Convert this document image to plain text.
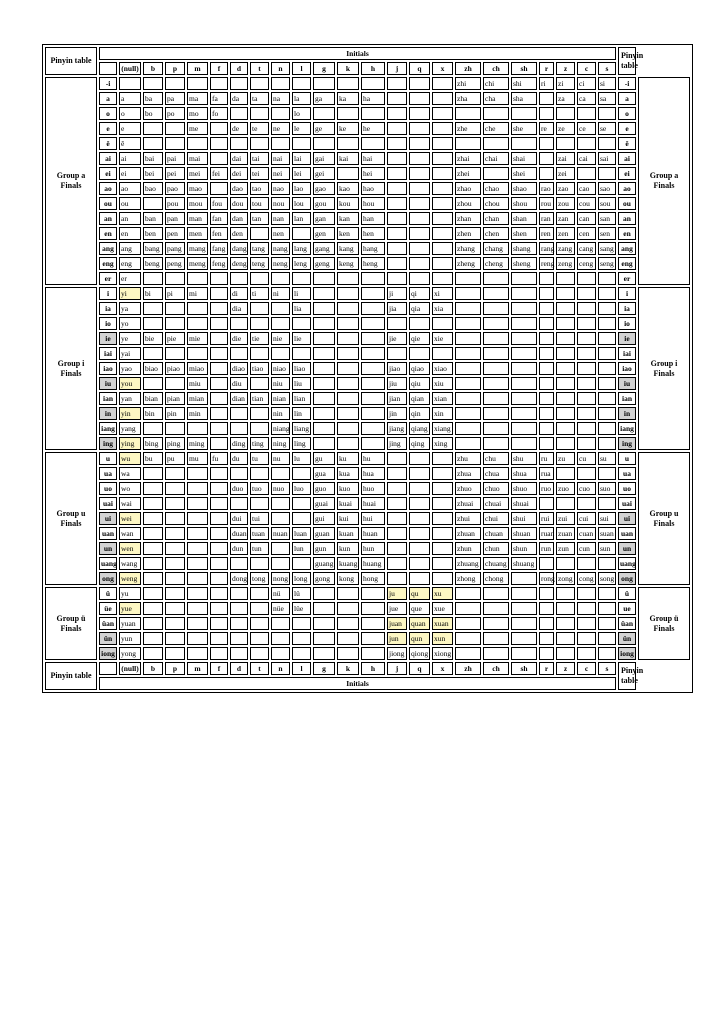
Pinyin table	Initials																							Pinyin table	
		(null)	b	p	m	f	d	t	n	l	g	k	h	j	q	x	zh	ch	sh	r	z	c	s		
Group a Finals	-i																zhi	chi	shi	ri	zi	ci	si	-i	Group a Finals
	a	a	ba	pa	ma	fa	da	ta	na	la	ga	ka	ha				zha	cha	sha		za	ca	sa	a	
	o	o	bo	po	mo	fo				lo														o	
	e	e			me		de	te	ne	le	ge	ke	he				zhe	che	she	re	ze	ce	se	e	
	ê	ê																						ê	
	ai	ai	bai	pai	mai		dai	tai	nai	lai	gai	kai	hai				zhai	chai	shai		zai	cai	sai	ai	
	ei	ei	bei	pei	mei	fei	dei	tei	nei	lei	gei		hei				zhei		shei		zei			ei	
	ao	ao	bao	pao	mao		dao	tao	nao	lao	gao	kao	hao				zhao	chao	shao	rao	zao	cao	sao	ao	
	ou	ou		pou	mou	fou	dou	tou	nou	lou	gou	kou	hou				zhou	chou	shou	rou	zou	cou	sou	ou	
	an	an	ban	pan	man	fan	dan	tan	nan	lan	gan	kan	han				zhan	chan	shan	ran	zan	can	san	an	
	en	en	ben	pen	men	fen	den		nen		gen	ken	hen				zhen	chen	shen	ren	zen	cen	sen	en	
	ang	ang	bang	pang	mang	fang	dang	tang	nang	lang	gang	kang	hang				zhang	chang	shang	rang	zang	cang	sang	ang	
	eng	eng	beng	peng	meng	feng	deng	teng	neng	leng	geng	keng	heng				zheng	cheng	sheng	reng	zeng	ceng	seng	eng	
	er	er																						er	
Group i Finals	i	yi	bi	pi	mi		di	ti	ni	li				ji	qi	xi								i	Group i Finals
	ia	ya					dia			lia				jia	qia	xia								ia	
	io	yo																						io	
	ie	ye	bie	pie	mie		die	tie	nie	lie				jie	qie	xie								ie	
	iai	yai																						iai	
	iao	yao	biao	piao	miao		diao	tiao	niao	liao				jiao	qiao	xiao								iao	
	iu	you			miu		diu		niu	liu				jiu	qiu	xiu								iu	
	ian	yan	bian	pian	mian		dian	tian	nian	lian				jian	qian	xian								ian	
	in	yin	bin	pin	min				nin	lin				jin	qin	xin								in	
	iang	yang							niang	liang				jiang	qiang	xiang								iang	
	ing	ying	bing	ping	ming		ding	ting	ning	ling				jing	qing	xing								ing	
Group u Finals	u	wu	bu	pu	mu	fu	du	tu	nu	lu	gu	ku	hu				zhu	chu	shu	ru	zu	cu	su	u	Group u Finals
	ua	wa									gua	kua	hua				zhua	chua	shua	rua				ua	
	uo	wo					duo	tuo	nuo	luo	guo	kuo	huo				zhuo	chuo	shuo	ruo	zuo	cuo	suo	uo	
	uai	wai									guai	kuai	huai				zhuai	chuai	shuai					uai	
	ui	wei					dui	tui			gui	kui	hui				zhui	chui	shui	rui	zui	cui	sui	ui	
	uan	wan					duan	tuan	nuan	luan	guan	kuan	huan				zhuan	chuan	shuan	ruan	zuan	cuan	suan	uan	
	un	wen					dun	tun		lun	gun	kun	hun				zhun	chun	shun	run	zun	cun	sun	un	
	uang	wang									guang	kuang	huang				zhuang	chuang	shuang					uang	
	ong	weng					dong	tong	nong	long	gong	kong	hong				zhong	chong		rong	zong	cong	song	ong	
Group ü Finals	ü	yu							nü	lü				ju	qu	xu								ü	Group ü Finals
	üe	yue							nüe	lüe				jue	que	xue								ue	
	üan	yuan												juan	quan	xuan								üan	
	ün	yun												jun	qun	xun								ün	
	iong	yong												jiong	qiong	xiong								iong	
Pinyin table		(null)	b	p	m	f	d	t	n	l	g	k	h	j	q	x	zh	ch	sh	r	z	c	s	Pinyin table	
	Initials																								
